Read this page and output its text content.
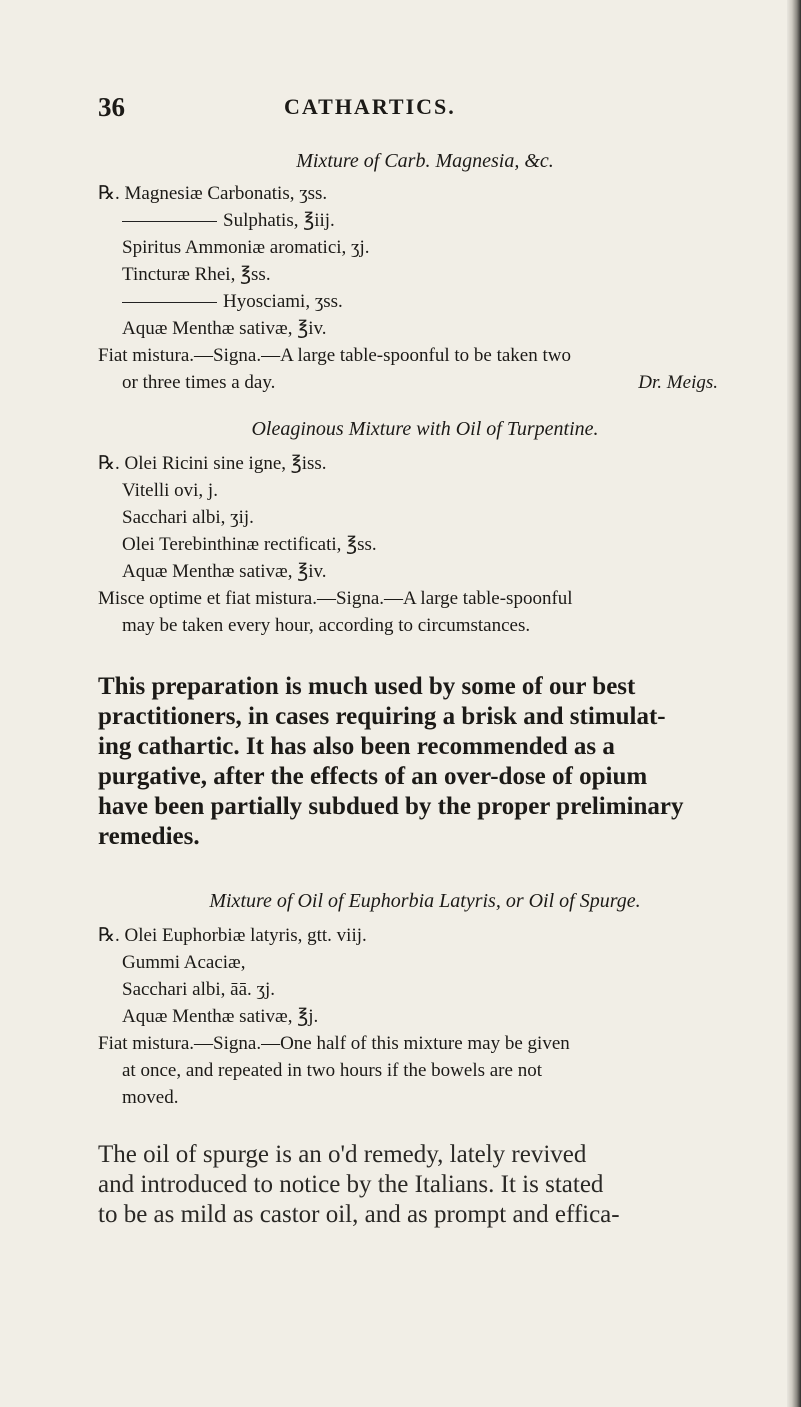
36	CATHARTICS.
Mixture of Carb. Magnesia, &c.
℞. Magnesiæ Carbonatis, ʒss.
Sulphatis, ℥iij.
Spiritus Ammoniæ aromatici, ʒj.
Tincturæ Rhei, ℥ss.
Hyosciami, ʒss.
Aquæ Menthæ sativæ, ℥iv.
Fiat mistura.—Signa.—A large table-spoonful to be taken two
or three times a day.	Dr. Meigs.
Oleaginous Mixture with Oil of Turpentine.
℞. Olei Ricini sine igne, ℥iss.
Vitelli ovi, j.
Sacchari albi, ʒij.
Olei Terebinthinæ rectificati, ℥ss.
Aquæ Menthæ sativæ, ℥iv.
Misce optime et fiat mistura.—Signa.—A large table-spoonful
may be taken every hour, according to circumstances.
This preparation is much used by some of our best
practitioners, in cases requiring a brisk and stimulat-
ing cathartic. It has also been recommended as a
purgative, after the effects of an over-dose of opium
have been partially subdued by the proper preliminary
remedies.
Mixture of Oil of Euphorbia Latyris, or Oil of Spurge.
℞. Olei Euphorbiæ latyris, gtt. viij.
Gummi Acaciæ,
Sacchari albi, āā. ʒj.
Aquæ Menthæ sativæ, ℥j.
Fiat mistura.—Signa.—One half of this mixture may be given
at once, and repeated in two hours if the bowels are not
moved.
The oil of spurge is an o'd remedy, lately revived
and introduced to notice by the Italians. It is stated
to be as mild as castor oil, and as prompt and effica-
